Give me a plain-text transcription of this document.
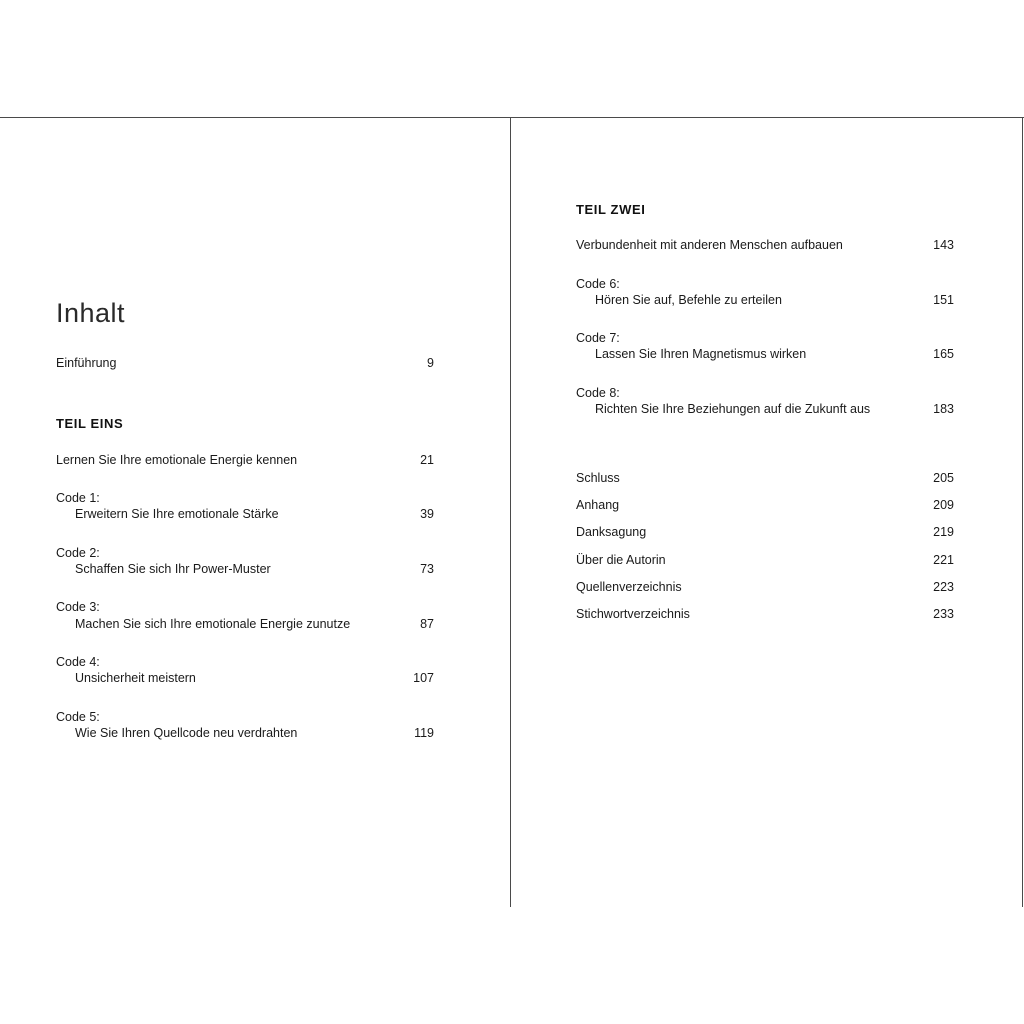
Inhalt
Einführung	9
TEIL EINS
Lernen Sie Ihre emotionale Energie kennen	21
Code 1:
Erweitern Sie Ihre emotionale Stärke	39
Code 2:
Schaffen Sie sich Ihr Power-Muster	73
Code 3:
Machen Sie sich Ihre emotionale Energie zunutze	87
Code 4:
Unsicherheit meistern	107
Code 5:
Wie Sie Ihren Quellcode neu verdrahten	119
TEIL ZWEI
Verbundenheit mit anderen Menschen aufbauen	143
Code 6:
Hören Sie auf, Befehle zu erteilen	151
Code 7:
Lassen Sie Ihren Magnetismus wirken	165
Code 8:
Richten Sie Ihre Beziehungen auf die Zukunft aus	183
Schluss	205
Anhang	209
Danksagung	219
Über die Autorin	221
Quellenverzeichnis	223
Stichwortverzeichnis	233
